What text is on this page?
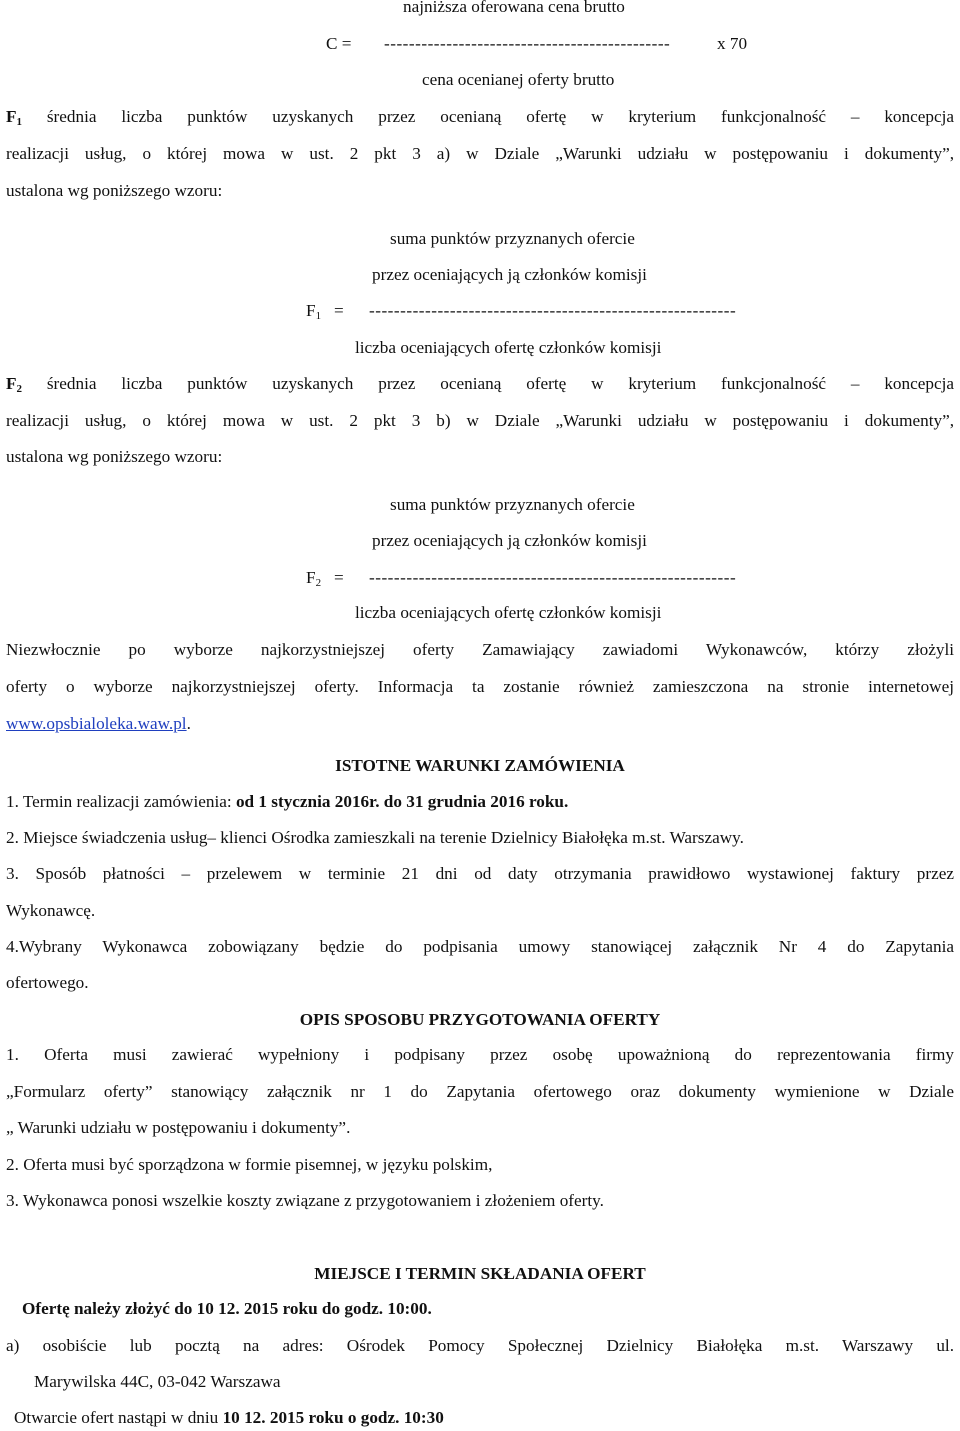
najniższa oferowana cena brutto
C = ----------------------------------------------	x 70
cena ocenianej oferty brutto
$F_1$ średnia liczba punktów uzyskanych przez ocenianą ofertę w kryterium funkcjonalność – koncepcja
realizacji usług, o której mowa w ust. 2 pkt 3 a) w Dziale „Warunki udziału w postępowaniu i dokumenty”,
ustalona wg poniższego wzoru:
suma punktów przyznanych ofercie
przez oceniających ją członków komisji
$F_1$ = -----------------------------------------------------------
liczba oceniających ofertę członków komisji
$F_2$ średnia liczba punktów uzyskanych przez ocenianą ofertę w kryterium funkcjonalność – koncepcja
realizacji usług, o której mowa w ust. 2 pkt 3 b) w Dziale „Warunki udziału w postępowaniu i dokumenty”,
ustalona wg poniższego wzoru:
suma punktów przyznanych ofercie
przez oceniających ją członków komisji
$F_2$ = -----------------------------------------------------------
liczba oceniających ofertę członków komisji
Niezwłocznie po wyborze najkorzystniejszej oferty Zamawiający zawiadomi Wykonawców, którzy złożyli
oferty o wyborze najkorzystniejszej oferty. Informacja ta zostanie również zamieszczona na stronie internetowej
www.opsbialoleka.waw.pl.
ISTOTNE WARUNKI ZAMÓWIENIA
1. Termin realizacji zamówienia: od 1 stycznia 2016r. do 31 grudnia 2016 roku.
2. Miejsce świadczenia usług– klienci Ośrodka zamieszkali na terenie Dzielnicy Białołęka m.st. Warszawy.
3. Sposób płatności – przelewem w terminie 21 dni od daty otrzymania prawidłowo wystawionej faktury przez
Wykonawcę.
4.Wybrany Wykonawca zobowiązany będzie do podpisania umowy stanowiącej załącznik Nr 4 do Zapytania
ofertowego.
OPIS SPOSOBU PRZYGOTOWANIA OFERTY
1. Oferta musi zawierać wypełniony i podpisany przez osobę upoważnioną do reprezentowania firmy
„Formularz oferty” stanowiący załącznik nr 1 do Zapytania ofertowego oraz dokumenty wymienione w Dziale
„ Warunki udziału w postępowaniu i dokumenty”.
2. Oferta musi być sporządzona w formie pisemnej, w języku polskim,
3. Wykonawca ponosi wszelkie koszty związane z przygotowaniem i złożeniem oferty.
MIEJSCE I TERMIN SKŁADANIA OFERT
Ofertę należy złożyć do 10 12. 2015 roku do godz. 10:00.
a) osobiście lub pocztą na adres: Ośrodek Pomocy Społecznej Dzielnicy Białołęka m.st. Warszawy ul.
Marywilska 44C, 03-042 Warszawa
Otwarcie ofert nastąpi w dniu 10 12. 2015 roku o godz. 10:30
